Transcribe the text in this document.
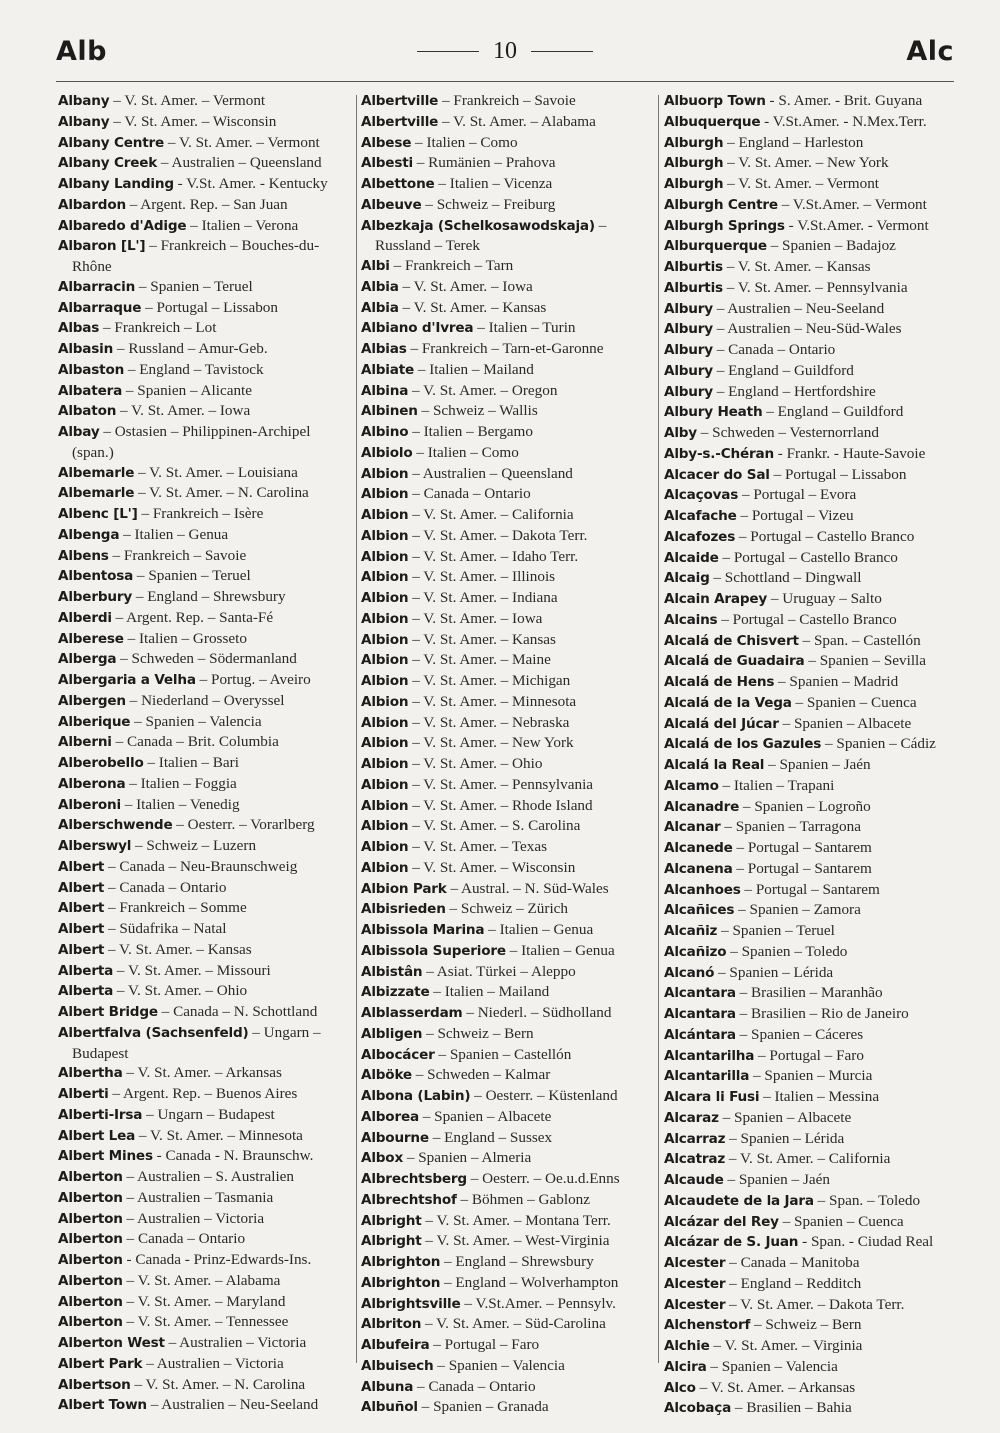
Alb	10	Alc

Albany – V. St. Amer. – Vermont

Albany – V. St. Amer. – Wisconsin

Albany Centre – V. St. Amer. – Vermont

Albany Creek – Australien – Queensland

Albany Landing - V.St. Amer. - Kentucky

Albardon – Argent. Rep. – San Juan

Albaredo d'Adige – Italien – Verona

Albaron [L'] – Frankreich – Bouches-du-Rhône

Albarracin – Spanien – Teruel

Albarraque – Portugal – Lissabon

Albas – Frankreich – Lot

Albasin – Russland – Amur-Geb.

Albaston – England – Tavistock

Albatera – Spanien – Alicante

Albaton – V. St. Amer. – Iowa

Albay – Ostasien – Philippinen-Archipel (span.)

Albemarle – V. St. Amer. – Louisiana

Albemarle – V. St. Amer. – N. Carolina

Albenc [L'] – Frankreich – Isère

Albenga – Italien – Genua

Albens – Frankreich – Savoie

Albentosa – Spanien – Teruel

Alberbury – England – Shrewsbury

Alberdi – Argent. Rep. – Santa-Fé

Alberese – Italien – Grosseto

Alberga – Schweden – Södermanland

Albergaria a Velha – Portug. – Aveiro

Albergen – Niederland – Overyssel

Alberique – Spanien – Valencia

Alberni – Canada – Brit. Columbia

Alberobello – Italien – Bari

Alberona – Italien – Foggia

Alberoni – Italien – Venedig

Alberschwende – Oesterr. – Vorarlberg

Alberswyl – Schweiz – Luzern

Albert – Canada – Neu-Braunschweig

Albert – Canada – Ontario

Albert – Frankreich – Somme

Albert – Südafrika – Natal

Albert – V. St. Amer. – Kansas

Alberta – V. St. Amer. – Missouri

Alberta – V. St. Amer. – Ohio

Albert Bridge – Canada – N. Schottland

Albertfalva (Sachsenfeld) – Ungarn – Budapest

Albertha – V. St. Amer. – Arkansas

Alberti – Argent. Rep. – Buenos Aires

Alberti-Irsa – Ungarn – Budapest

Albert Lea – V. St. Amer. – Minnesota

Albert Mines - Canada - N. Braunschw.

Alberton – Australien – S. Australien

Alberton – Australien – Tasmania

Alberton – Australien – Victoria

Alberton – Canada – Ontario

Alberton - Canada - Prinz-Edwards-Ins.

Alberton – V. St. Amer. – Alabama

Alberton – V. St. Amer. – Maryland

Alberton – V. St. Amer. – Tennessee

Alberton West – Australien – Victoria

Albert Park – Australien – Victoria

Albertson – V. St. Amer. – N. Carolina

Albert Town – Australien – Neu-Seeland

Albertville – Frankreich – Savoie

Albertville – V. St. Amer. – Alabama

Albese – Italien – Como

Albesti – Rumänien – Prahova

Albettone – Italien – Vicenza

Albeuve – Schweiz – Freiburg

Albezkaja (Schelkosawodskaja) – Russland – Terek

Albi – Frankreich – Tarn

Albia – V. St. Amer. – Iowa

Albia – V. St. Amer. – Kansas

Albiano d'Ivrea – Italien – Turin

Albias – Frankreich – Tarn-et-Garonne

Albiate – Italien – Mailand

Albina – V. St. Amer. – Oregon

Albinen – Schweiz – Wallis

Albino – Italien – Bergamo

Albiolo – Italien – Como

Albion – Australien – Queensland

Albion – Canada – Ontario

Albion – V. St. Amer. – California

Albion – V. St. Amer. – Dakota Terr.

Albion – V. St. Amer. – Idaho Terr.

Albion – V. St. Amer. – Illinois

Albion – V. St. Amer. – Indiana

Albion – V. St. Amer. – Iowa

Albion – V. St. Amer. – Kansas

Albion – V. St. Amer. – Maine

Albion – V. St. Amer. – Michigan

Albion – V. St. Amer. – Minnesota

Albion – V. St. Amer. – Nebraska

Albion – V. St. Amer. – New York

Albion – V. St. Amer. – Ohio

Albion – V. St. Amer. – Pennsylvania

Albion – V. St. Amer. – Rhode Island

Albion – V. St. Amer. – S. Carolina

Albion – V. St. Amer. – Texas

Albion – V. St. Amer. – Wisconsin

Albion Park – Austral. – N. Süd-Wales

Albisrieden – Schweiz – Zürich

Albissola Marina – Italien – Genua

Albissola Superiore – Italien – Genua

Albistân – Asiat. Türkei – Aleppo

Albizzate – Italien – Mailand

Alblasserdam – Niederl. – Südholland

Albligen – Schweiz – Bern

Albocácer – Spanien – Castellón

Alböke – Schweden – Kalmar

Albona (Labin) – Oesterr. – Küstenland

Alborea – Spanien – Albacete

Albourne – England – Sussex

Albox – Spanien – Almeria

Albrechtsberg – Oesterr. – Oe.u.d.Enns

Albrechtshof – Böhmen – Gablonz

Albright – V. St. Amer. – Montana Terr.

Albright – V. St. Amer. – West-Virginia

Albrighton – England – Shrewsbury

Albrighton – England – Wolverhampton

Albrightsville – V.St.Amer. – Pennsylv.

Albriton – V. St. Amer. – Süd-Carolina

Albufeira – Portugal – Faro

Albuisech – Spanien – Valencia

Albuna – Canada – Ontario

Albuñol – Spanien – Granada

Albuorp Town - S. Amer. - Brit. Guyana

Albuquerque - V.St.Amer. - N.Mex.Terr.

Alburgh – England – Harleston

Alburgh – V. St. Amer. – New York

Alburgh – V. St. Amer. – Vermont

Alburgh Centre – V.St.Amer. – Vermont

Alburgh Springs - V.St.Amer. - Vermont

Alburquerque – Spanien – Badajoz

Alburtis – V. St. Amer. – Kansas

Alburtis – V. St. Amer. – Pennsylvania

Albury – Australien – Neu-Seeland

Albury – Australien – Neu-Süd-Wales

Albury – Canada – Ontario

Albury – England – Guildford

Albury – England – Hertfordshire

Albury Heath – England – Guildford

Alby – Schweden – Vesternorrland

Alby-s.-Chéran - Frankr. - Haute-Savoie

Alcacer do Sal – Portugal – Lissabon

Alcaçovas – Portugal – Evora

Alcafache – Portugal – Vizeu

Alcafozes – Portugal – Castello Branco

Alcaide – Portugal – Castello Branco

Alcaig – Schottland – Dingwall

Alcain Arapey – Uruguay – Salto

Alcains – Portugal – Castello Branco

Alcalá de Chisvert – Span. – Castellón

Alcalá de Guadaira – Spanien – Sevilla

Alcalá de Hens – Spanien – Madrid

Alcalá de la Vega – Spanien – Cuenca

Alcalá del Júcar – Spanien – Albacete

Alcalá de los Gazules – Spanien – Cádiz

Alcalá la Real – Spanien – Jaén

Alcamo – Italien – Trapani

Alcanadre – Spanien – Logroño

Alcanar – Spanien – Tarragona

Alcanede – Portugal – Santarem

Alcanena – Portugal – Santarem

Alcanhoes – Portugal – Santarem

Alcañices – Spanien – Zamora

Alcañiz – Spanien – Teruel

Alcañizo – Spanien – Toledo

Alcanó – Spanien – Lérida

Alcantara – Brasilien – Maranhão

Alcantara – Brasilien – Rio de Janeiro

Alcántara – Spanien – Cáceres

Alcantarilha – Portugal – Faro

Alcantarilla – Spanien – Murcia

Alcara li Fusi – Italien – Messina

Alcaraz – Spanien – Albacete

Alcarraz – Spanien – Lérida

Alcatraz – V. St. Amer. – California

Alcaude – Spanien – Jaén

Alcaudete de la Jara – Span. – Toledo

Alcázar del Rey – Spanien – Cuenca

Alcázar de S. Juan - Span. - Ciudad Real

Alcester – Canada – Manitoba

Alcester – England – Redditch

Alcester – V. St. Amer. – Dakota Terr.

Alchenstorf – Schweiz – Bern

Alchie – V. St. Amer. – Virginia

Alcira – Spanien – Valencia

Alco – V. St. Amer. – Arkansas

Alcobaça – Brasilien – Bahia
